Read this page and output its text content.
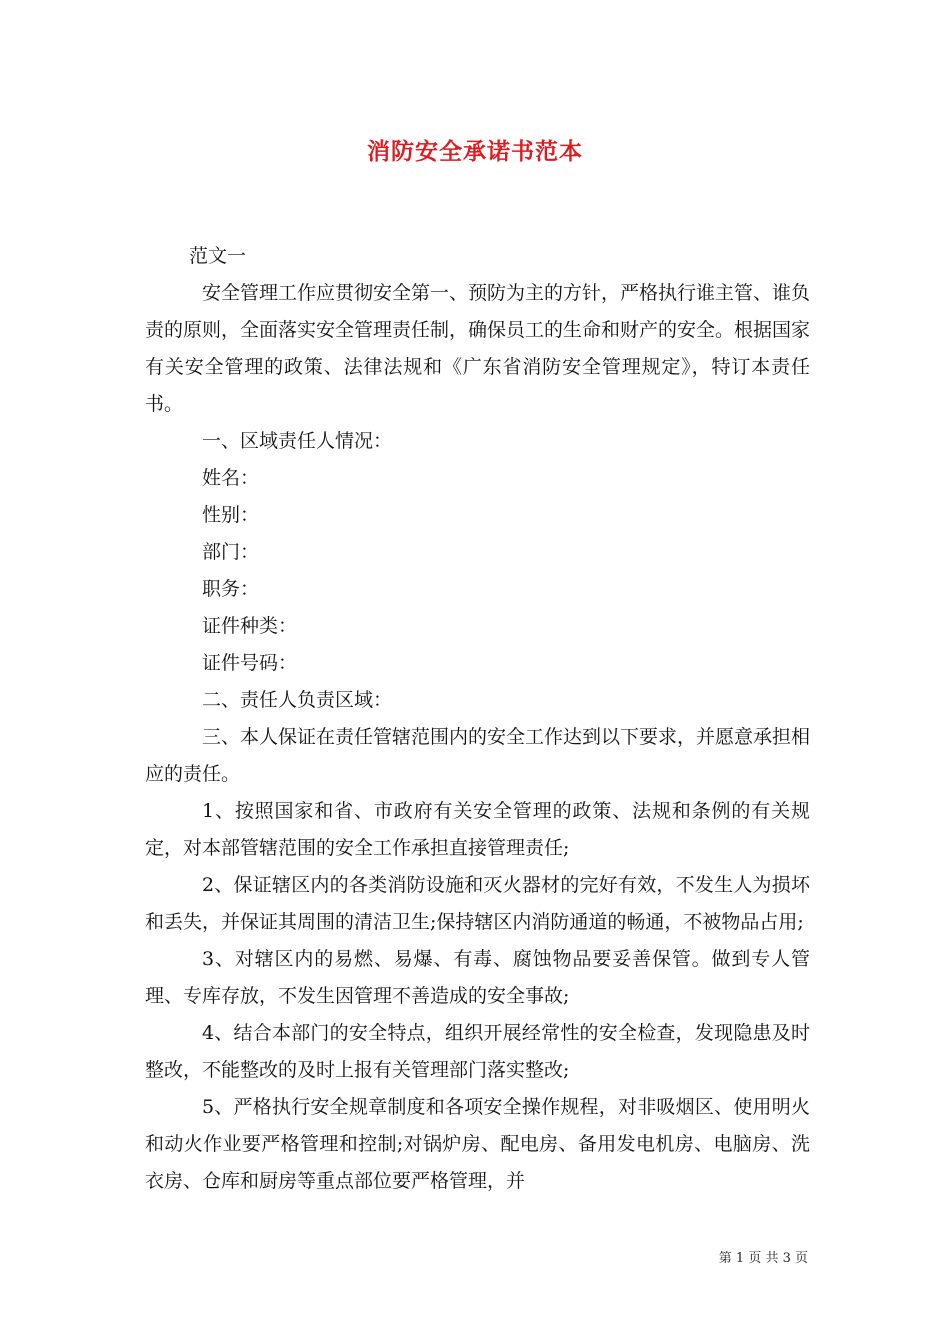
消防安全承诺书范本

范文一

安全管理工作应贯彻安全第一、预防为主的方针，严格执行谁主管、谁负责的原则，全面落实安全管理责任制，确保员工的生命和财产的安全。根据国家有关安全管理的政策、法律法规和《广东省消防安全管理规定》，特订本责任书。

一、区域责任人情况：

姓名：

性别：

部门：

职务：

证件种类：

证件号码：

二、责任人负责区域：

三、本人保证在责任管辖范围内的安全工作达到以下要求，并愿意承担相应的责任。

1、按照国家和省、市政府有关安全管理的政策、法规和条例的有关规定，对本部管辖范围的安全工作承担直接管理责任;

2、保证辖区内的各类消防设施和灭火器材的完好有效，不发生人为损坏和丢失，并保证其周围的清洁卫生;保持辖区内消防通道的畅通，不被物品占用;

3、对辖区内的易燃、易爆、有毒、腐蚀物品要妥善保管。做到专人管理、专库存放，不发生因管理不善造成的安全事故;

4、结合本部门的安全特点，组织开展经常性的安全检查，发现隐患及时整改，不能整改的及时上报有关管理部门落实整改;

5、严格执行安全规章制度和各项安全操作规程，对非吸烟区、使用明火和动火作业要严格管理和控制;对锅炉房、配电房、备用发电机房、电脑房、洗衣房、仓库和厨房等重点部位要严格管理，并

第 1 页 共 3 页
